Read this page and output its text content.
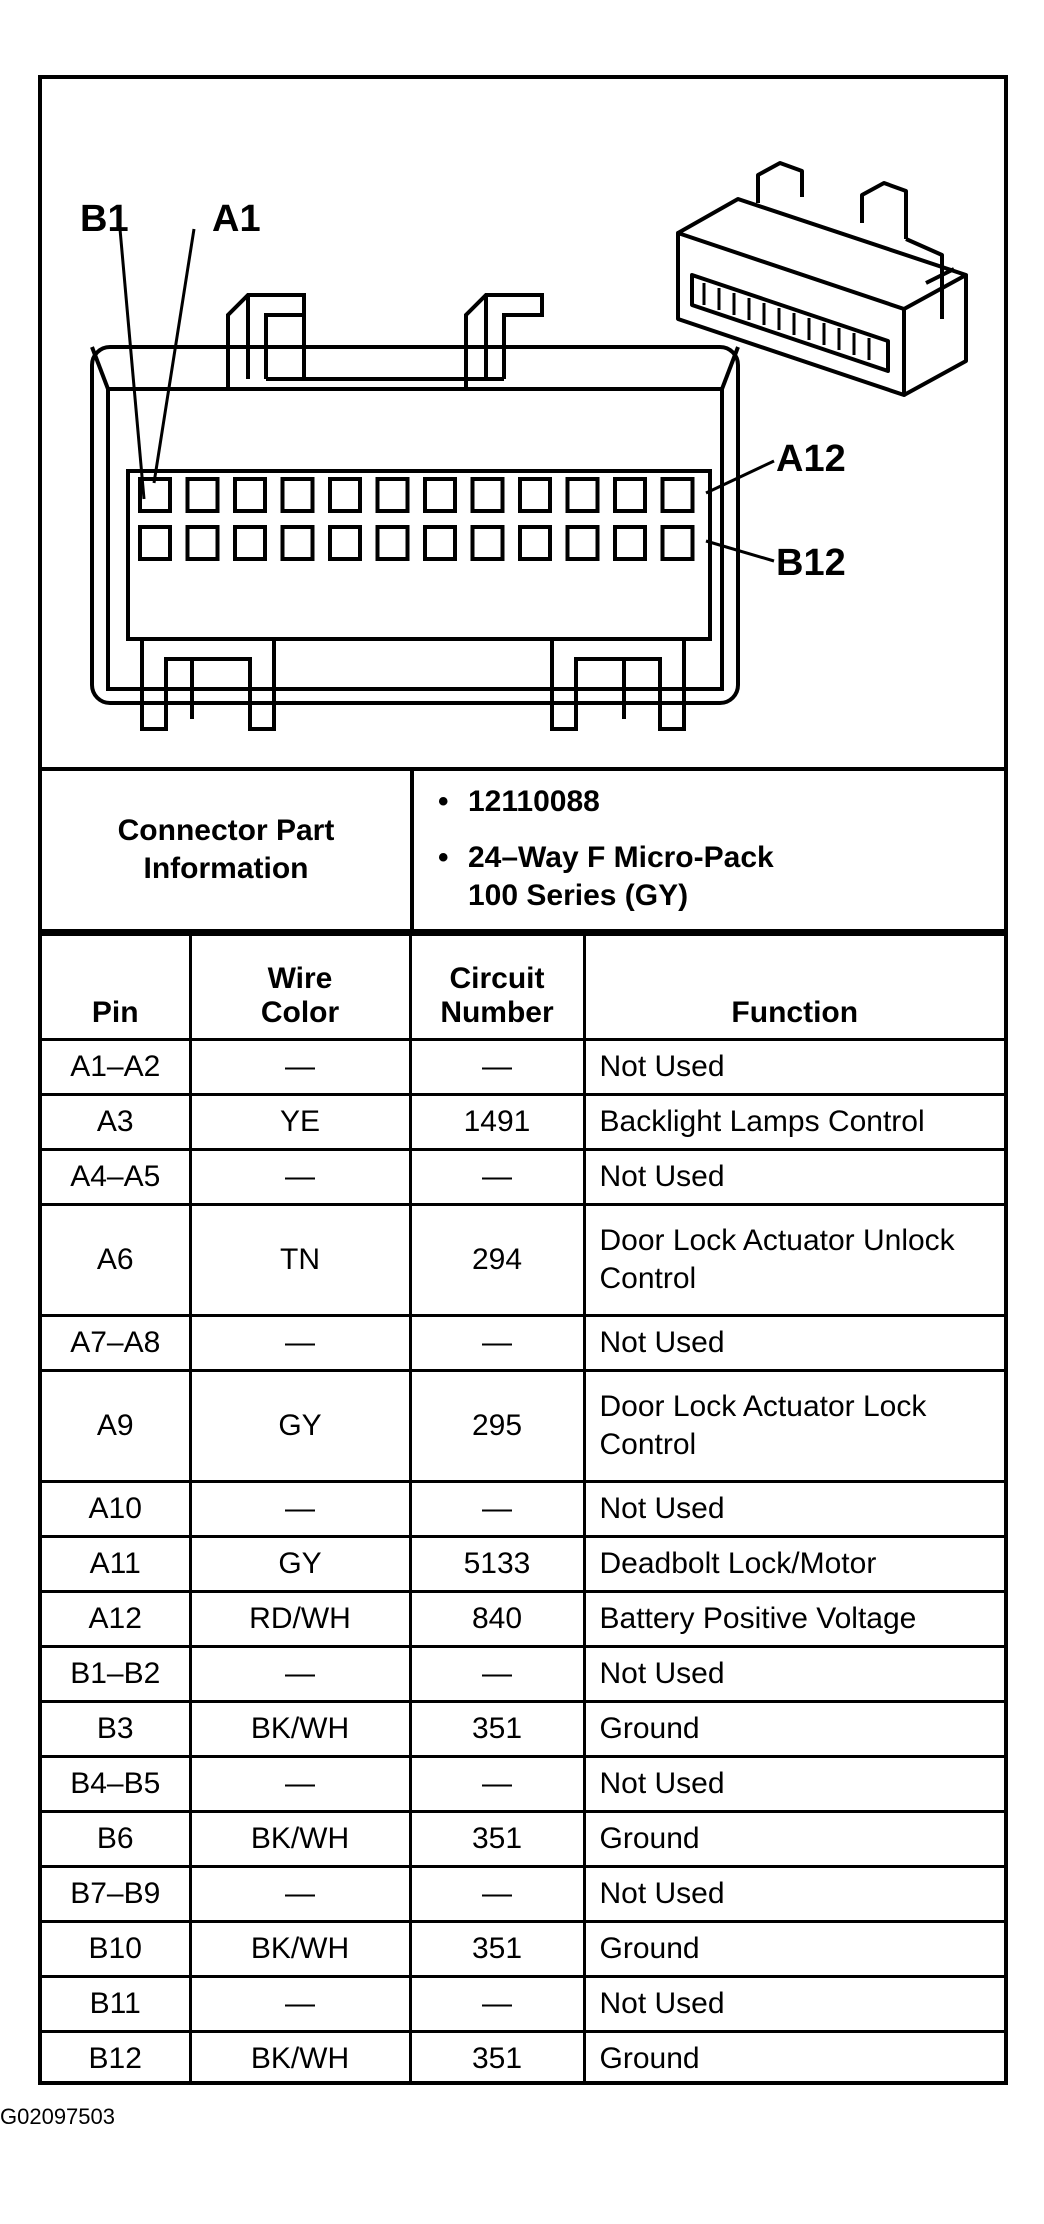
B1 A1
A12
B12
Connector Part Information
• 12110088
• 24–Way F Micro-Pack
100 Series (GY)
Pin	Wire Color	Circuit Number	Function
A1–A2	—	—	Not Used
A3	YE	1491	Backlight Lamps Control
A4–A5	—	—	Not Used
A6	TN	294	Door Lock Actuator Unlock Control
A7–A8	—	—	Not Used
A9	GY	295	Door Lock Actuator Lock Control
A10	—	—	Not Used
A11	GY	5133	Deadbolt Lock/Motor
A12	RD/WH	840	Battery Positive Voltage
B1–B2	—	—	Not Used
B3	BK/WH	351	Ground
B4–B5	—	—	Not Used
B6	BK/WH	351	Ground
B7–B9	—	—	Not Used
B10	BK/WH	351	Ground
B11	—	—	Not Used
B12	BK/WH	351	Ground
G02097503
